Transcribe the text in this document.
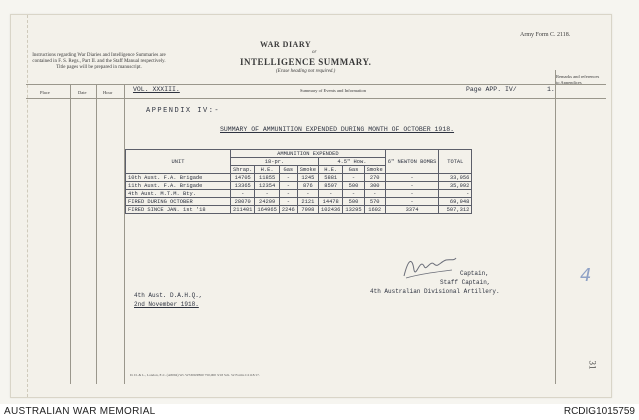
Army Form C. 2118.
WAR DIARY
or
INTELLIGENCE SUMMARY.
(Erase heading not required.)
Instructions regarding War Diaries and Intelligence Summaries are contained in F. S. Regs., Part II. and the Staff Manual respectively. Title pages will be prepared in manuscript.
Remarks and references to Appendices
Place	Date	Hour	Summary of Events and Information
VOL. XXXIII.	Page APP. IV/	1.
APPENDIX IV:-
SUMMARY OF AMMUNITION EXPENDED DURING MONTH OF OCTOBER 1918.
UNIT	AMMUNITION EXPENDED							6" NEWTON BOMBS	TOTAL
	18-pr.				4.5" How.				
	Shrap.	H.E.	Gas	Smoke	H.E.	Gas	Smoke		
10th Aust. F.A. Brigade	14705	11855	-	1245	5881	-	270	-	33,956
11th Aust. F.A. Brigade	13365	12354	-	876	8597	500	300	-	35,992
4th Aust. M.T.M. Bty.	-	-	-	-	-	-	-	-	-
FIRED DURING OCTOBER	28070	24209	-	2121	14478	500	570	-	69,948
FIRED SINCE JAN. 1st '18	211401	164965	2246	7998	102436	13295	1602	3374	507,312
Captain,
Staff Captain,
4th Australian Divisional Artillery.
4th Aust. D.A.H.Q.,
2nd November 1918.
D. D. & L., London, E.C. (A8094) Wt. W5300/P860 750,000 3/18 Sch. 52 Forms C2118/17.
4
31
AUSTRALIAN WAR MEMORIAL	RCDIG1015759
